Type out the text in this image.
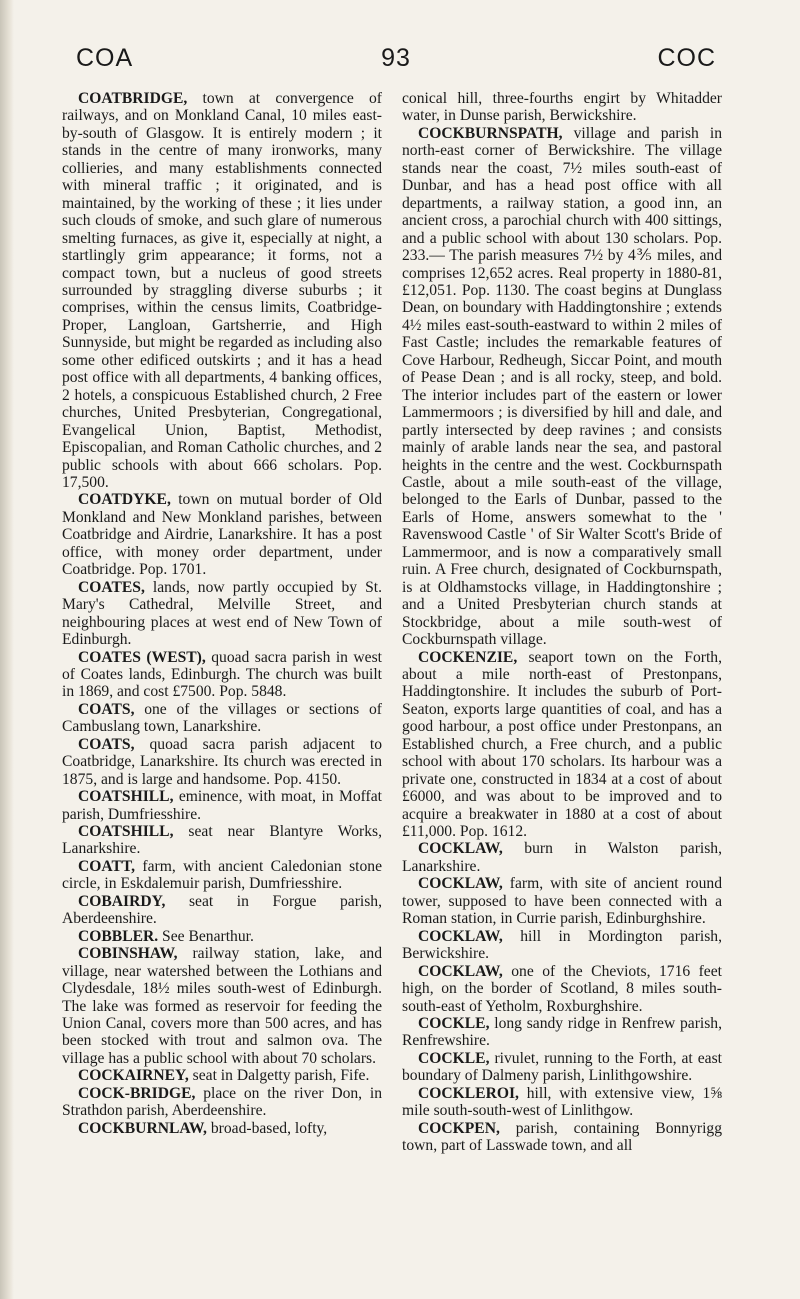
COA	93	COC

COATBRIDGE, town at convergence of railways, and on Monkland Canal, 10 miles east-by-south of Glasgow. It is entirely modern ; it stands in the centre of many ironworks, many collieries, and many establishments connected with mineral traffic ; it originated, and is maintained, by the working of these ; it lies under such clouds of smoke, and such glare of numerous smelting furnaces, as give it, especially at night, a startlingly grim appearance; it forms, not a compact town, but a nucleus of good streets surrounded by straggling diverse suburbs ; it comprises, within the census limits, Coatbridge-Proper, Langloan, Gartsherrie, and High Sunnyside, but might be regarded as including also some other edificed outskirts ; and it has a head post office with all departments, 4 banking offices, 2 hotels, a conspicuous Established church, 2 Free churches, United Presbyterian, Congregational, Evangelical Union, Baptist, Methodist, Episcopalian, and Roman Catholic churches, and 2 public schools with about 666 scholars. Pop. 17,500.

COATDYKE, town on mutual border of Old Monkland and New Monkland parishes, between Coatbridge and Airdrie, Lanarkshire. It has a post office, with money order department, under Coatbridge. Pop. 1701.

COATES, lands, now partly occupied by St. Mary's Cathedral, Melville Street, and neighbouring places at west end of New Town of Edinburgh.

COATES (WEST), quoad sacra parish in west of Coates lands, Edinburgh. The church was built in 1869, and cost £7500. Pop. 5848.

COATS, one of the villages or sections of Cambuslang town, Lanarkshire.

COATS, quoad sacra parish adjacent to Coatbridge, Lanarkshire. Its church was erected in 1875, and is large and handsome. Pop. 4150.

COATSHILL, eminence, with moat, in Moffat parish, Dumfriesshire.

COATSHILL, seat near Blantyre Works, Lanarkshire.

COATT, farm, with ancient Caledonian stone circle, in Eskdalemuir parish, Dumfriesshire.

COBAIRDY, seat in Forgue parish, Aberdeenshire.

COBBLER. See Benarthur.

COBINSHAW, railway station, lake, and village, near watershed between the Lothians and Clydesdale, 18½ miles south-west of Edinburgh. The lake was formed as reservoir for feeding the Union Canal, covers more than 500 acres, and has been stocked with trout and salmon ova. The village has a public school with about 70 scholars.

COCKAIRNEY, seat in Dalgetty parish, Fife.

COCK-BRIDGE, place on the river Don, in Strathdon parish, Aberdeenshire.

COCKBURNLAW, broad-based, lofty,

conical hill, three-fourths engirt by Whitadder water, in Dunse parish, Berwickshire.

COCKBURNSPATH, village and parish in north-east corner of Berwickshire. The village stands near the coast, 7½ miles south-east of Dunbar, and has a head post office with all departments, a railway station, a good inn, an ancient cross, a parochial church with 400 sittings, and a public school with about 130 scholars. Pop. 233.— The parish measures 7½ by 4⅗ miles, and comprises 12,652 acres. Real property in 1880-81, £12,051. Pop. 1130. The coast begins at Dunglass Dean, on boundary with Haddingtonshire ; extends 4½ miles east-south-eastward to within 2 miles of Fast Castle; includes the remarkable features of Cove Harbour, Redheugh, Siccar Point, and mouth of Pease Dean ; and is all rocky, steep, and bold. The interior includes part of the eastern or lower Lammermoors ; is diversified by hill and dale, and partly intersected by deep ravines ; and consists mainly of arable lands near the sea, and pastoral heights in the centre and the west. Cockburnspath Castle, about a mile south-east of the village, belonged to the Earls of Dunbar, passed to the Earls of Home, answers somewhat to the ' Ravenswood Castle ' of Sir Walter Scott's Bride of Lammermoor, and is now a comparatively small ruin. A Free church, designated of Cockburnspath, is at Oldhamstocks village, in Haddingtonshire ; and a United Presbyterian church stands at Stockbridge, about a mile south-west of Cockburnspath village.

COCKENZIE, seaport town on the Forth, about a mile north-east of Prestonpans, Haddingtonshire. It includes the suburb of Port-Seaton, exports large quantities of coal, and has a good harbour, a post office under Prestonpans, an Established church, a Free church, and a public school with about 170 scholars. Its harbour was a private one, constructed in 1834 at a cost of about £6000, and was about to be improved and to acquire a breakwater in 1880 at a cost of about £11,000. Pop. 1612.

COCKLAW, burn in Walston parish, Lanarkshire.

COCKLAW, farm, with site of ancient round tower, supposed to have been connected with a Roman station, in Currie parish, Edinburghshire.

COCKLAW, hill in Mordington parish, Berwickshire.

COCKLAW, one of the Cheviots, 1716 feet high, on the border of Scotland, 8 miles south-south-east of Yetholm, Roxburghshire.

COCKLE, long sandy ridge in Renfrew parish, Renfrewshire.

COCKLE, rivulet, running to the Forth, at east boundary of Dalmeny parish, Linlithgowshire.

COCKLEROI, hill, with extensive view, 1⅝ mile south-south-west of Linlithgow.

COCKPEN, parish, containing Bonnyrigg town, part of Lasswade town, and all
